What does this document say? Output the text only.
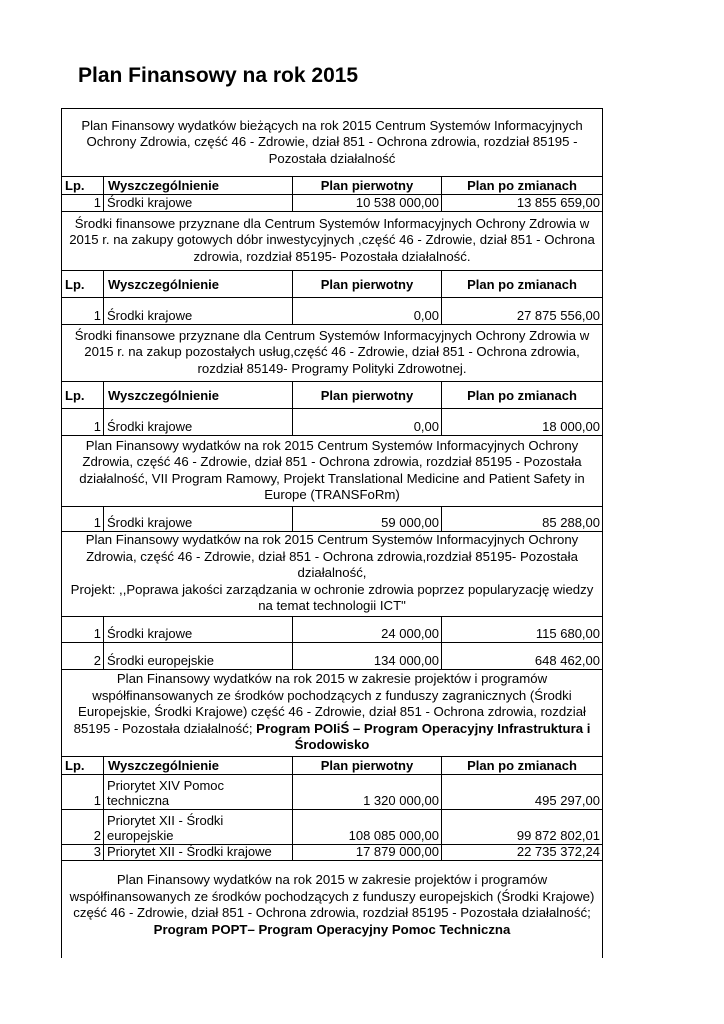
Plan Finansowy na rok 2015
Plan Finansowy wydatków bieżących na rok 2015 Centrum Systemów Informacyjnych Ochrony Zdrowia, część 46 - Zdrowie, dział 851 - Ochrona zdrowia, rozdział 85195 - Pozostała działalność
Lp.	Wyszczególnienie	Plan pierwotny	Plan po zmianach
1 Środki krajowe	10 538 000,00	13 855 659,00
Środki finansowe przyznane dla Centrum Systemów Informacyjnych Ochrony Zdrowia w 2015 r. na zakupy gotowych dóbr inwestycyjnych ,część 46 - Zdrowie, dział 851 - Ochrona zdrowia, rozdział 85195- Pozostała działalność.
Lp.	Wyszczególnienie	Plan pierwotny	Plan po zmianach
1 Środki krajowe	0,00	27 875 556,00
Środki finansowe przyznane dla Centrum Systemów Informacyjnych Ochrony Zdrowia w 2015 r. na zakup pozostałych usług,część 46 - Zdrowie, dział 851 - Ochrona zdrowia, rozdział 85149- Programy Polityki Zdrowotnej.
Lp.	Wyszczególnienie	Plan pierwotny	Plan po zmianach
1 Środki krajowe	0,00	18 000,00
Plan Finansowy wydatków na rok 2015 Centrum Systemów Informacyjnych Ochrony Zdrowia, część 46 - Zdrowie, dział 851 - Ochrona zdrowia, rozdział 85195 - Pozostała działalność, VII Program Ramowy, Projekt Translational Medicine and Patient Safety in Europe (TRANSFoRm)
1 Środki krajowe	59 000,00	85 288,00
Plan Finansowy wydatków na rok 2015 Centrum Systemów Informacyjnych Ochrony Zdrowia, część 46 - Zdrowie, dział 851 - Ochrona zdrowia,rozdział 85195- Pozostała działalność,
Projekt: ,,Poprawa jakości zarządzania w ochronie zdrowia poprzez popularyzację wiedzy na temat technologii ICT"
1 Środki krajowe	24 000,00	115 680,00
2 Środki europejskie	134 000,00	648 462,00
Plan Finansowy wydatków na rok 2015 w zakresie projektów i programów współfinansowanych ze środków pochodzących z funduszy zagranicznych (Środki Europejskie, Środki Krajowe) część 46 - Zdrowie, dział 851 - Ochrona zdrowia, rozdział 85195 - Pozostała działalność; Program POIiŚ – Program Operacyjny Infrastruktura i Środowisko
Lp.	Wyszczególnienie	Plan pierwotny	Plan po zmianach
1
Priorytet XIV Pomoc
techniczna	1 320 000,00	495 297,00
2
Priorytet XII - Środki
europejskie	108 085 000,00	99 872 802,01
3 Priorytet XII - Środki krajowe	17 879 000,00	22 735 372,24
Plan Finansowy wydatków na rok 2015 w zakresie projektów i programów współfinansowanych ze środków pochodzących z funduszy europejskich (Środki Krajowe) część 46 - Zdrowie, dział 851 - Ochrona zdrowia, rozdział 85195 - Pozostała działalność;
Program POPT– Program Operacyjny Pomoc Techniczna
